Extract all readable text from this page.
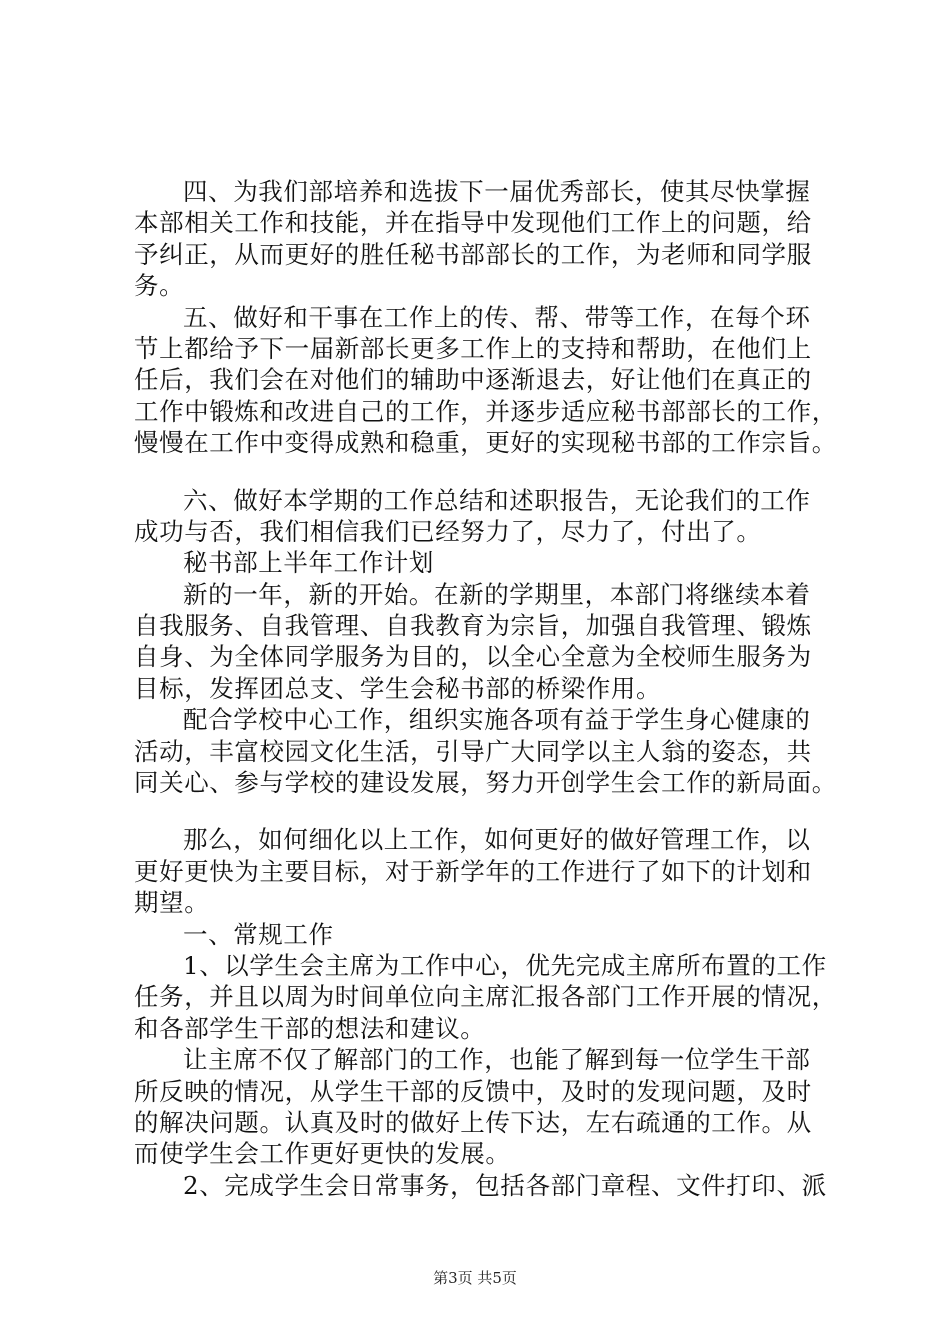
四、为我们部培养和选拔下一届优秀部长，使其尽快掌握
本部相关工作和技能，并在指导中发现他们工作上的问题，给
予纠正，从而更好的胜任秘书部部长的工作，为老师和同学服
务。
五、做好和干事在工作上的传、帮、带等工作，在每个环
节上都给予下一届新部长更多工作上的支持和帮助，在他们上
任后，我们会在对他们的辅助中逐渐退去，好让他们在真正的
工作中锻炼和改进自己的工作，并逐步适应秘书部部长的工作，
慢慢在工作中变得成熟和稳重，更好的实现秘书部的工作宗旨。
六、做好本学期的工作总结和述职报告，无论我们的工作
成功与否，我们相信我们已经努力了，尽力了，付出了。
秘书部上半年工作计划
新的一年，新的开始。在新的学期里，本部门将继续本着
自我服务、自我管理、自我教育为宗旨，加强自我管理、锻炼
自身、为全体同学服务为目的，以全心全意为全校师生服务为
目标，发挥团总支、学生会秘书部的桥梁作用。
配合学校中心工作，组织实施各项有益于学生身心健康的
活动，丰富校园文化生活，引导广大同学以主人翁的姿态，共
同关心、参与学校的建设发展，努力开创学生会工作的新局面。
那么，如何细化以上工作，如何更好的做好管理工作，以
更好更快为主要目标，对于新学年的工作进行了如下的计划和
期望。
一、常规工作
1、以学生会主席为工作中心，优先完成主席所布置的工作
任务，并且以周为时间单位向主席汇报各部门工作开展的情况，
和各部学生干部的想法和建议。
让主席不仅了解部门的工作，也能了解到每一位学生干部
所反映的情况，从学生干部的反馈中，及时的发现问题，及时
的解决问题。认真及时的做好上传下达，左右疏通的工作。从
而使学生会工作更好更快的发展。
2、完成学生会日常事务，包括各部门章程、文件打印、派
第3页 共5页
